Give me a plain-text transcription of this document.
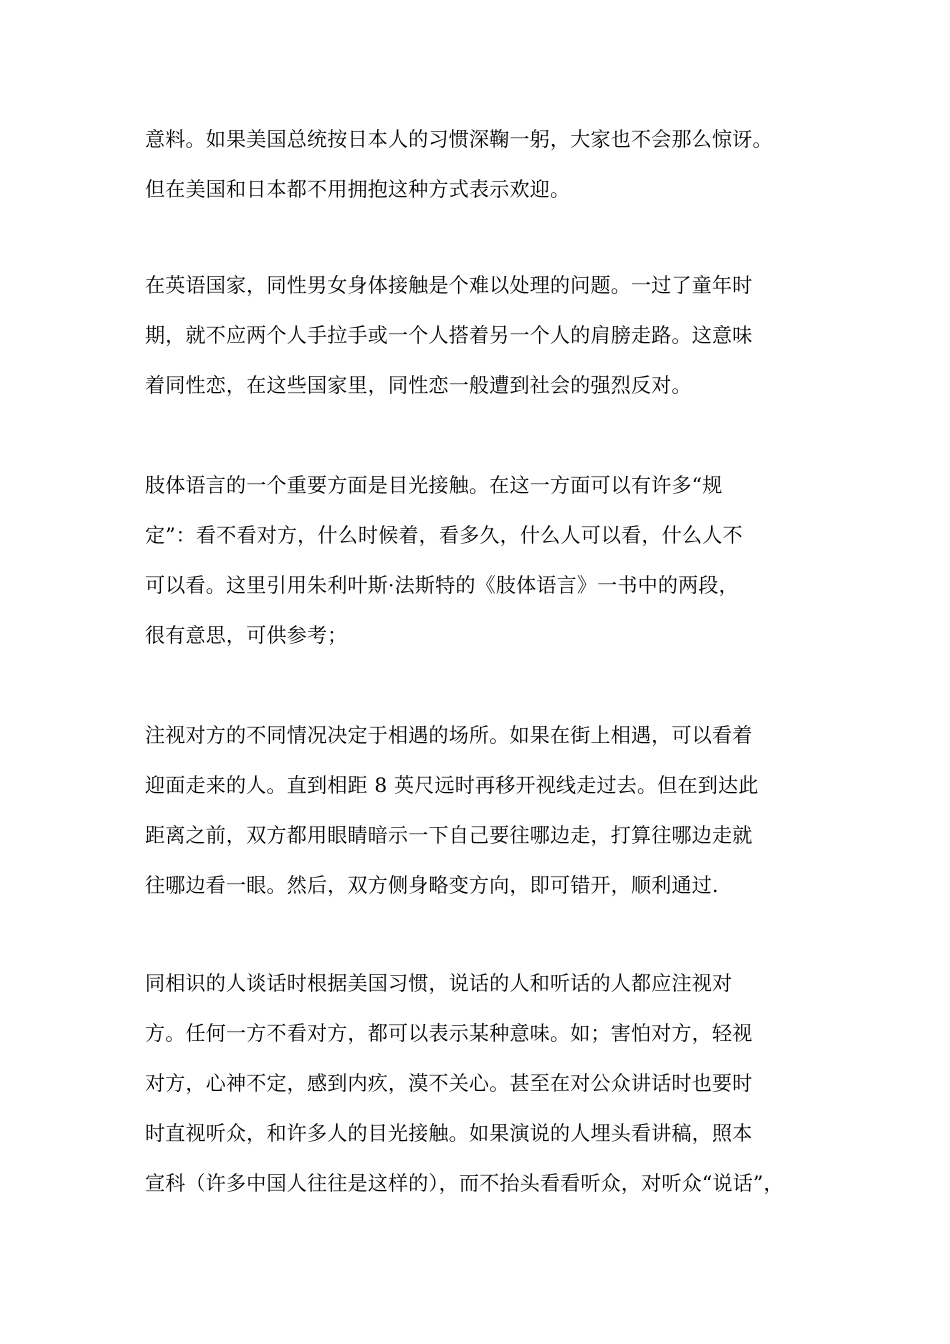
意料。如果美国总统按日本人的习惯深鞠一躬，大家也不会那么惊讶。
但在美国和日本都不用拥抱这种方式表示欢迎。
在英语国家，同性男女身体接触是个难以处理的问题。一过了童年时
期，就不应两个人手拉手或一个人搭着另一个人的肩膀走路。这意味
着同性恋，在这些国家里，同性恋一般遭到社会的强烈反对。
肢体语言的一个重要方面是目光接触。在这一方面可以有许多“规
定”：看不看对方，什么时候着，看多久，什么人可以看，什么人不
可以看。这里引用朱利叶斯·法斯特的《肢体语言》一书中的两段，
很有意思，可供参考；
注视对方的不同情况决定于相遇的场所。如果在街上相遇，可以看着
迎面走来的人。直到相距 8 英尺远时再移开视线走过去。但在到达此
距离之前，双方都用眼睛暗示一下自己要往哪边走，打算往哪边走就
往哪边看一眼。然后，双方侧身略变方向，即可错开，顺利通过.
同相识的人谈话时根据美国习惯，说话的人和听话的人都应注视对
方。任何一方不看对方，都可以表示某种意味。如；害怕对方，轻视
对方，心神不定，感到内疚，漠不关心。甚至在对公众讲话时也要时
时直视听众，和许多人的目光接触。如果演说的人埋头看讲稿，照本
宣科（许多中国人往往是这样的），而不抬头看看听众，对听众“说话”，
